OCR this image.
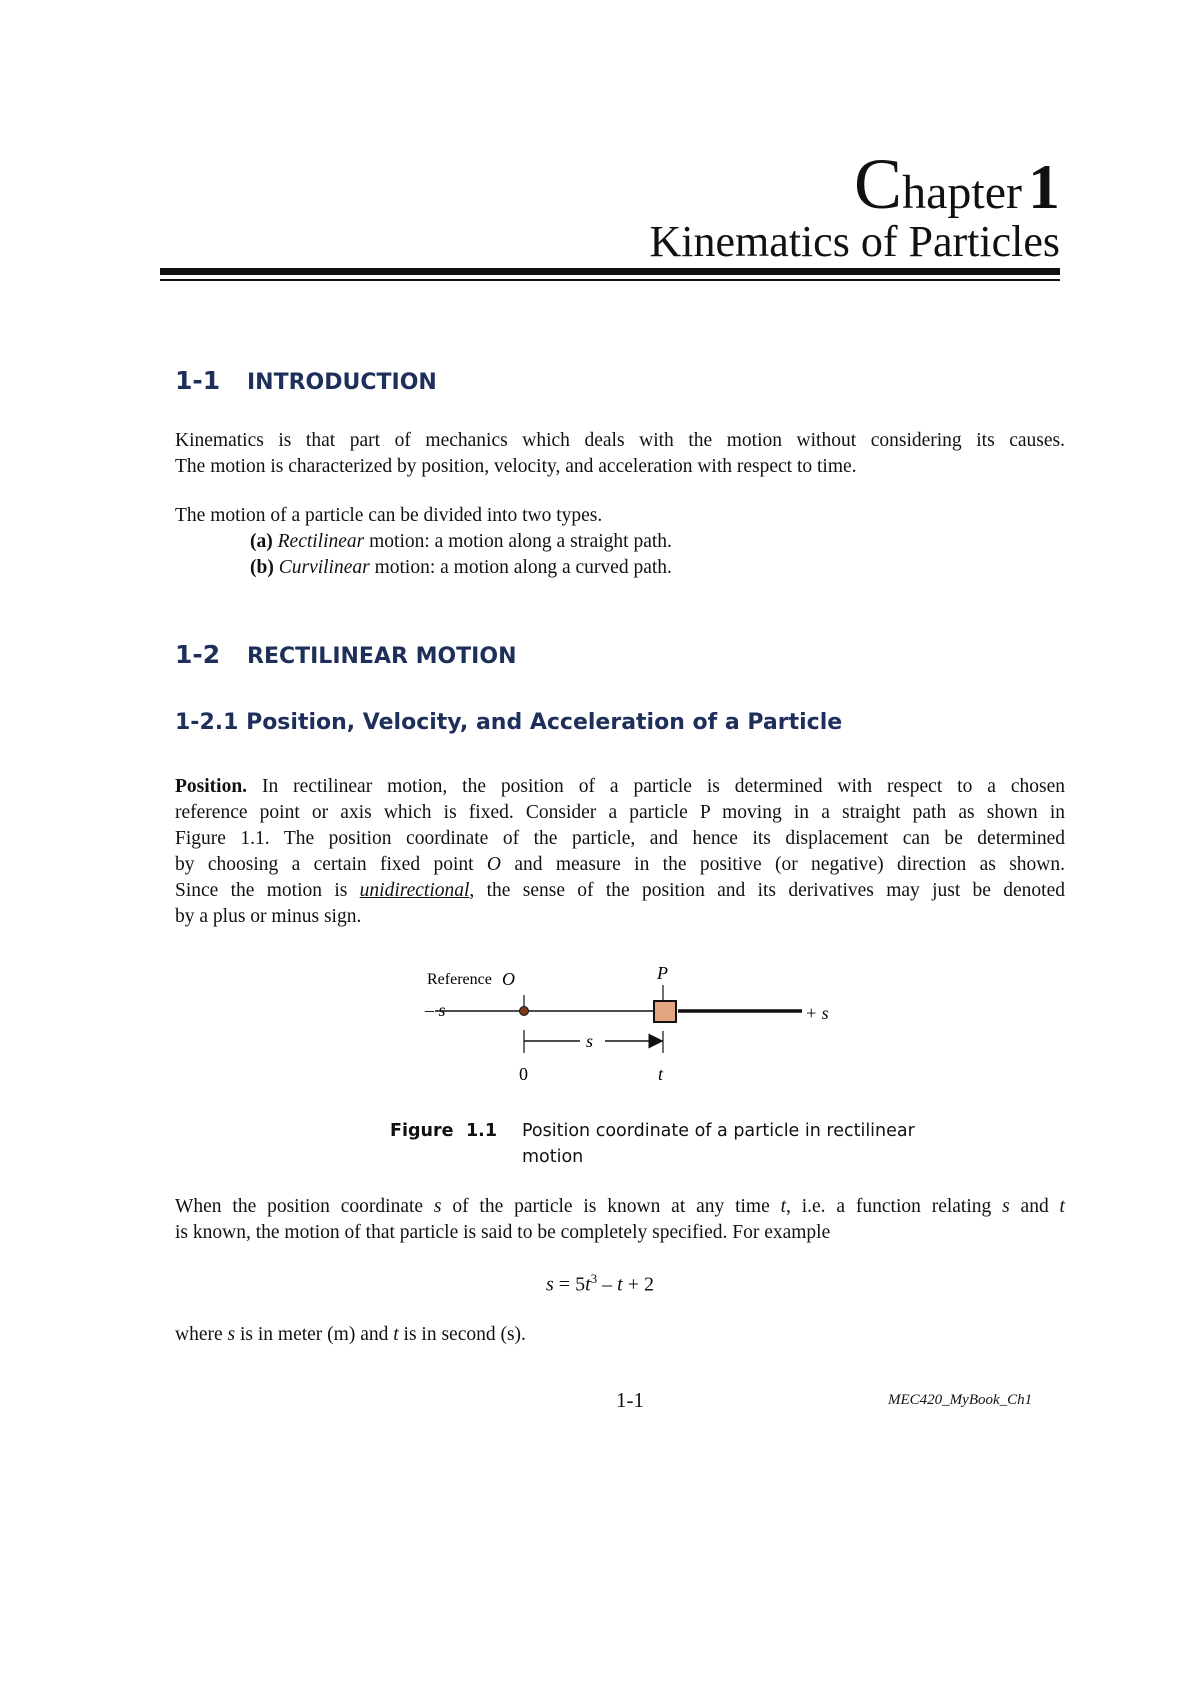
Chapter1
Kinematics of Particles
1-1 INTRODUCTION
Kinematics is that part of mechanics which deals with the motion without considering its causes.
The motion is characterized by position, velocity, and acceleration with respect to time.
The motion of a particle can be divided into two types.
(a) Rectilinear motion: a motion along a straight path.
(b) Curvilinear motion: a motion along a curved path.
1-2 RECTILINEAR MOTION
1-2.1 Position, Velocity, and Acceleration of a Particle
Position. In rectilinear motion, the position of a particle is determined with respect to a chosen
reference point or axis which is fixed. Consider a particle P moving in a straight path as shown in
Figure 1.1. The position coordinate of the particle, and hence its displacement can be determined
by choosing a certain fixed point O and measure in the positive (or negative) direction as shown.
Since the motion is unidirectional, the sense of the position and its derivatives may just be denoted
by a plus or minus sign.
– s	+ s
Reference O	P
s
0	t
Figure 1.1 Position coordinate of a particle in rectilinear motion
When the position coordinate s of the particle is known at any time t, i.e. a function relating s and t
is known, the motion of that particle is said to be completely specified. For example
$s = 5t^3 - t + 2$
where s is in meter (m) and t is in second (s).
1-1	MEC420_MyBook_Ch1
